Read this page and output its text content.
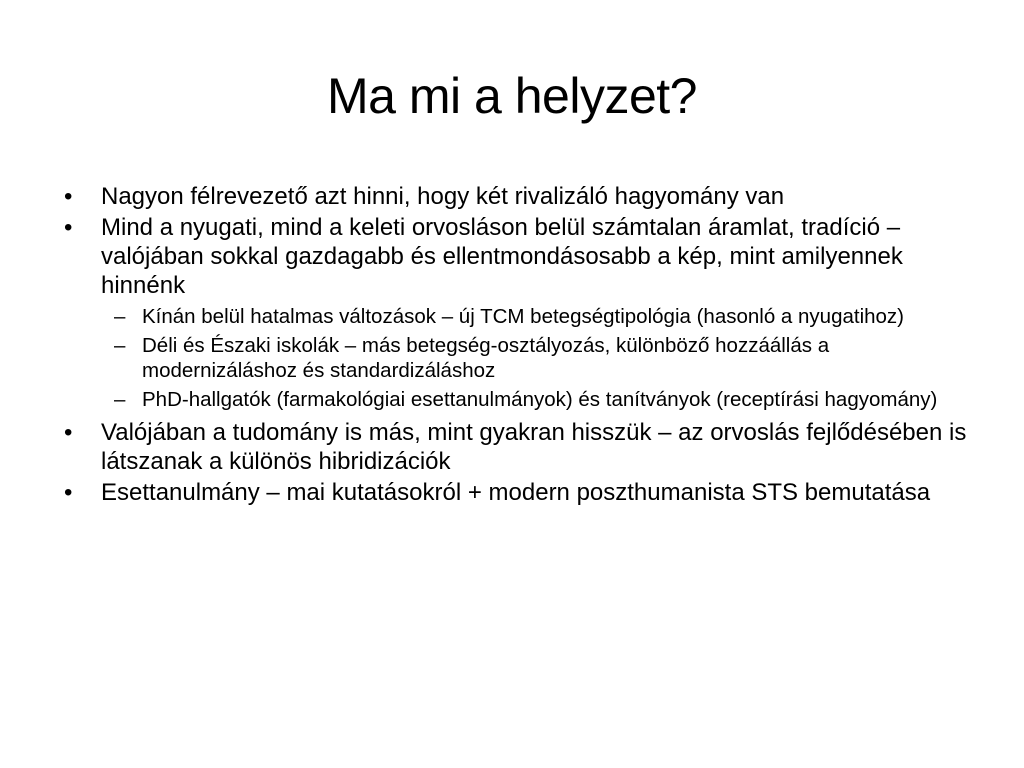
Ma mi a helyzet?
•	Nagyon félrevezető azt hinni, hogy két rivalizáló hagyomány van
•	Mind a nyugati, mind a keleti orvosláson belül számtalan áramlat, tradíció – valójában sokkal gazdagabb és ellentmondásosabb a kép, mint amilyennek hinnénk
– Kínán belül hatalmas változások – új TCM betegségtipológia (hasonló a nyugatihoz)
– Déli és Északi iskolák – más betegség-osztályozás, különböző hozzáállás a modernizáláshoz és standardizáláshoz
– PhD-hallgatók (farmakológiai esettanulmányok) és tanítványok (receptírási hagyomány)
•	Valójában a tudomány is más, mint gyakran hisszük – az orvoslás fejlődésében is látszanak a különös hibridizációk
•	Esettanulmány – mai kutatásokról + modern poszthumanista STS bemutatása
